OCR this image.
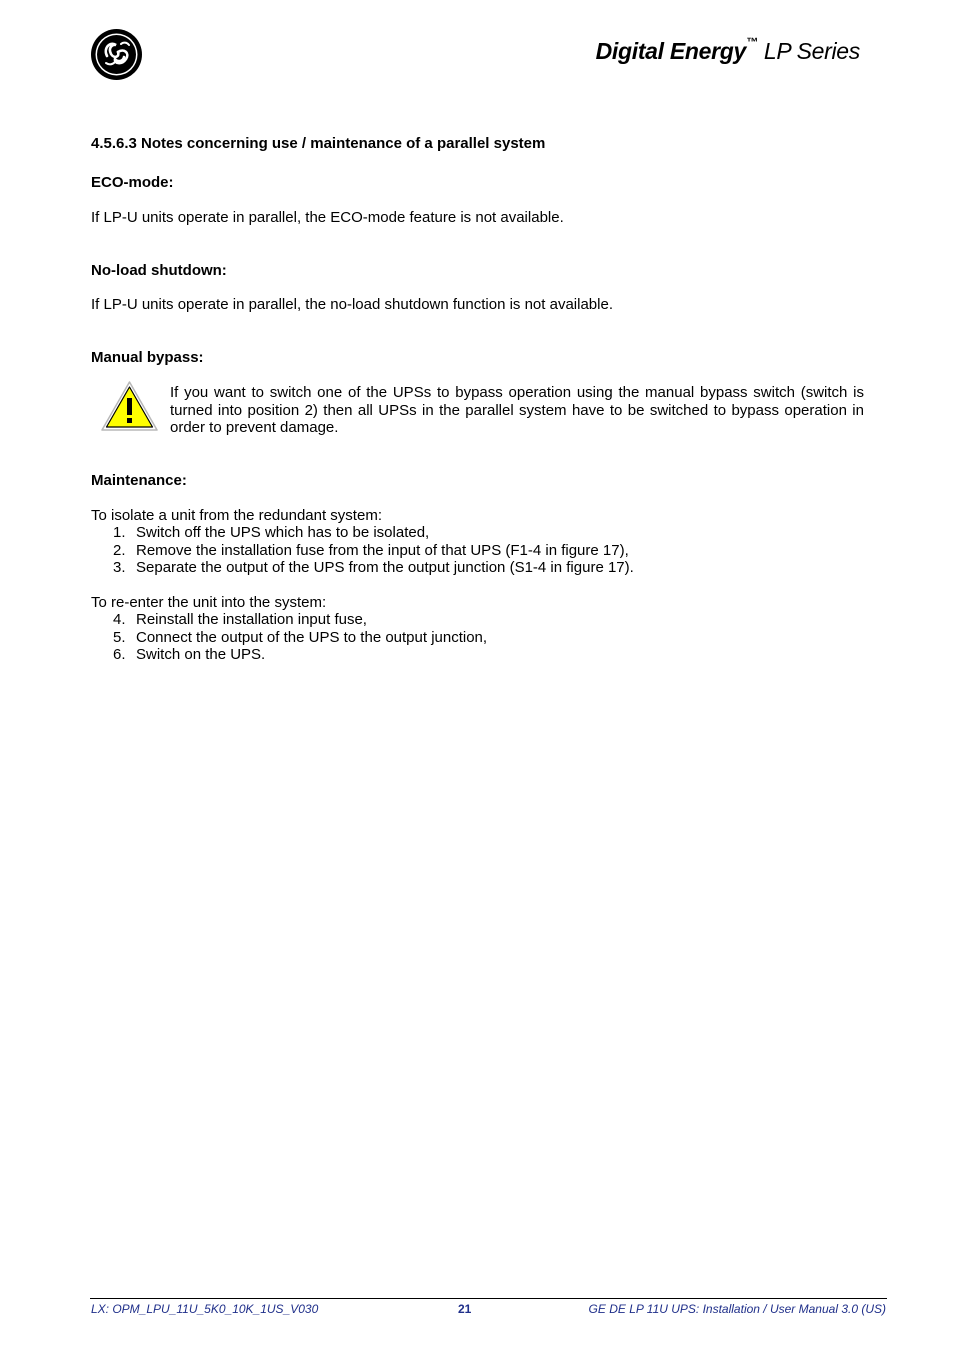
Digital Energy™ LP Series
4.5.6.3 Notes concerning use / maintenance of a parallel system
ECO-mode:
If LP-U units operate in parallel, the ECO-mode feature is not available.
No-load shutdown:
If LP-U units operate in parallel, the no-load shutdown function is not available.
Manual bypass:
If you want to switch one of the UPSs to bypass operation using the manual bypass switch (switch is turned into position 2) then all UPSs in the parallel system have to be switched to bypass operation in order to prevent damage.
Maintenance:
To isolate a unit from the redundant system:
1. Switch off the UPS which has to be isolated,
2. Remove the installation fuse from the input of that UPS (F1-4 in figure 17),
3. Separate the output of the UPS from the output junction (S1-4 in figure 17).
To re-enter the unit into the system:
4. Reinstall the installation input fuse,
5. Connect the output of the UPS to the output junction,
6. Switch on the UPS.
LX: OPM_LPU_11U_5K0_10K_1US_V030	21	GE DE LP 11U UPS: Installation / User Manual 3.0 (US)
